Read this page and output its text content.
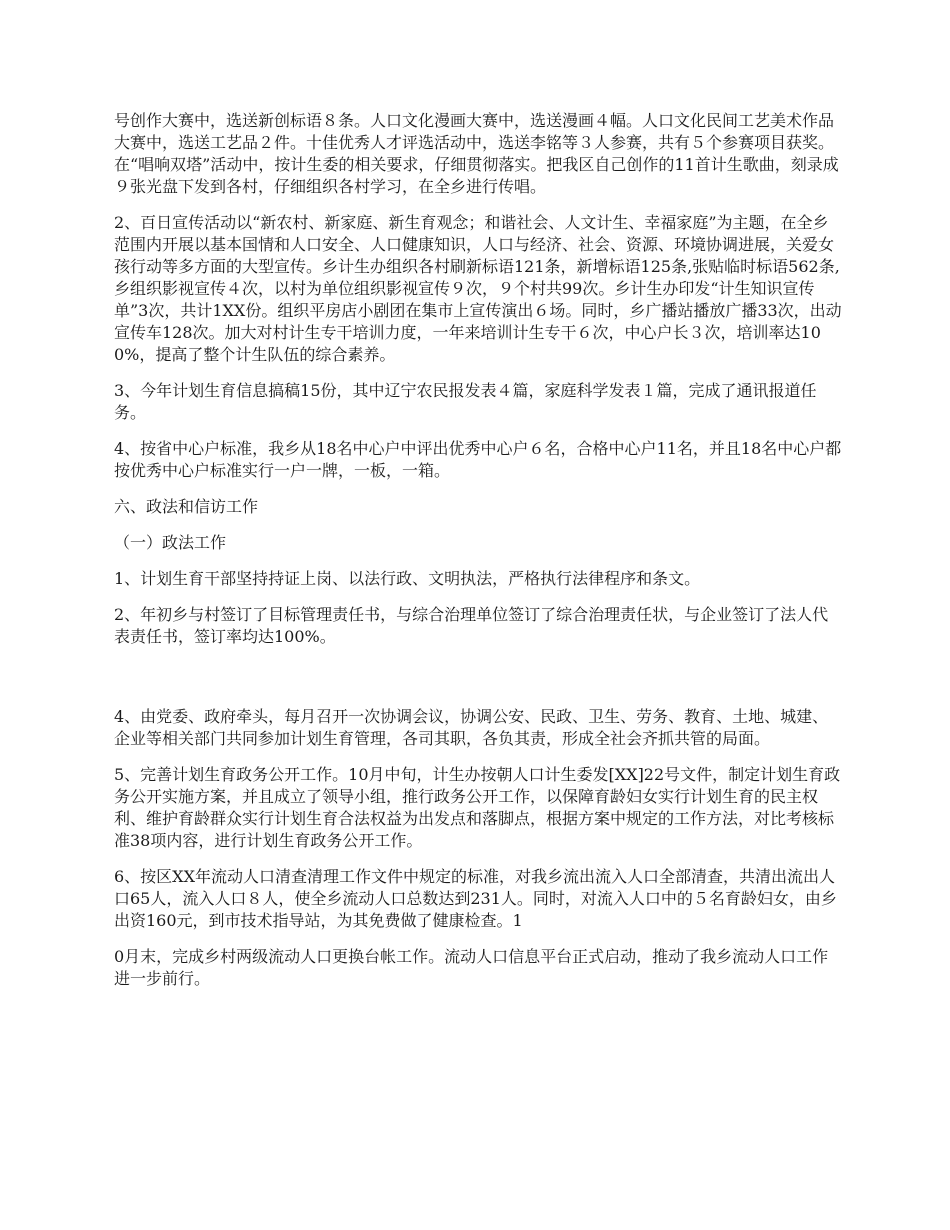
号创作大赛中，选送新创标语８条。人口文化漫画大赛中，选送漫画４幅。人口文化民间工艺美术作品大赛中，选送工艺品２件。十佳优秀人才评选活动中，选送李铭等３人参赛，共有５个参赛项目获奖。在“唱响双塔”活动中，按计生委的相关要求，仔细贯彻落实。把我区自己创作的11首计生歌曲，刻录成９张光盘下发到各村，仔细组织各村学习，在全乡进行传唱。

2、百日宣传活动以“新农村、新家庭、新生育观念；和谐社会、人文计生、幸福家庭”为主题，在全乡范围内开展以基本国情和人口安全、人口健康知识，人口与经济、社会、资源、环境协调进展，关爱女孩行动等多方面的大型宣传。乡计生办组织各村刷新标语121条，新增标语125条,张贴临时标语562条,乡组织影视宣传４次，以村为单位组织影视宣传９次，９个村共99次。乡计生办印发“计生知识宣传单”3次，共计1XX份。组织平房店小剧团在集市上宣传演出６场。同时，乡广播站播放广播33次，出动宣传车128次。加大对村计生专干培训力度，一年来培训计生专干６次，中心户长３次，培训率达100%，提高了整个计生队伍的综合素养。

3、今年计划生育信息搞稿15份，其中辽宁农民报发表４篇，家庭科学发表１篇，完成了通讯报道任务。

4、按省中心户标准，我乡从18名中心户中评出优秀中心户６名，合格中心户11名，并且18名中心户都按优秀中心户标准实行一户一牌，一板，一箱。

六、政法和信访工作

（一）政法工作

1、计划生育干部坚持持证上岗、以法行政、文明执法，严格执行法律程序和条文。

2、年初乡与村签订了目标管理责任书，与综合治理单位签订了综合治理责任状，与企业签订了法人代表责任书，签订率均达100%。

4、由党委、政府牵头，每月召开一次协调会议，协调公安、民政、卫生、劳务、教育、土地、城建、企业等相关部门共同参加计划生育管理，各司其职，各负其责，形成全社会齐抓共管的局面。

5、完善计划生育政务公开工作。10月中旬，计生办按朝人口计生委发[XX]22号文件，制定计划生育政务公开实施方案，并且成立了领导小组，推行政务公开工作，以保障育龄妇女实行计划生育的民主权利、维护育龄群众实行计划生育合法权益为出发点和落脚点，根据方案中规定的工作方法，对比考核标准38项内容，进行计划生育政务公开工作。

6、按区XX年流动人口清查清理工作文件中规定的标准，对我乡流出流入人口全部清查，共清出流出人口65人，流入人口８人，使全乡流动人口总数达到231人。同时，对流入人口中的５名育龄妇女，由乡出资160元，到市技术指导站，为其免费做了健康检查。1

0月末，完成乡村两级流动人口更换台帐工作。流动人口信息平台正式启动，推动了我乡流动人口工作进一步前行。
